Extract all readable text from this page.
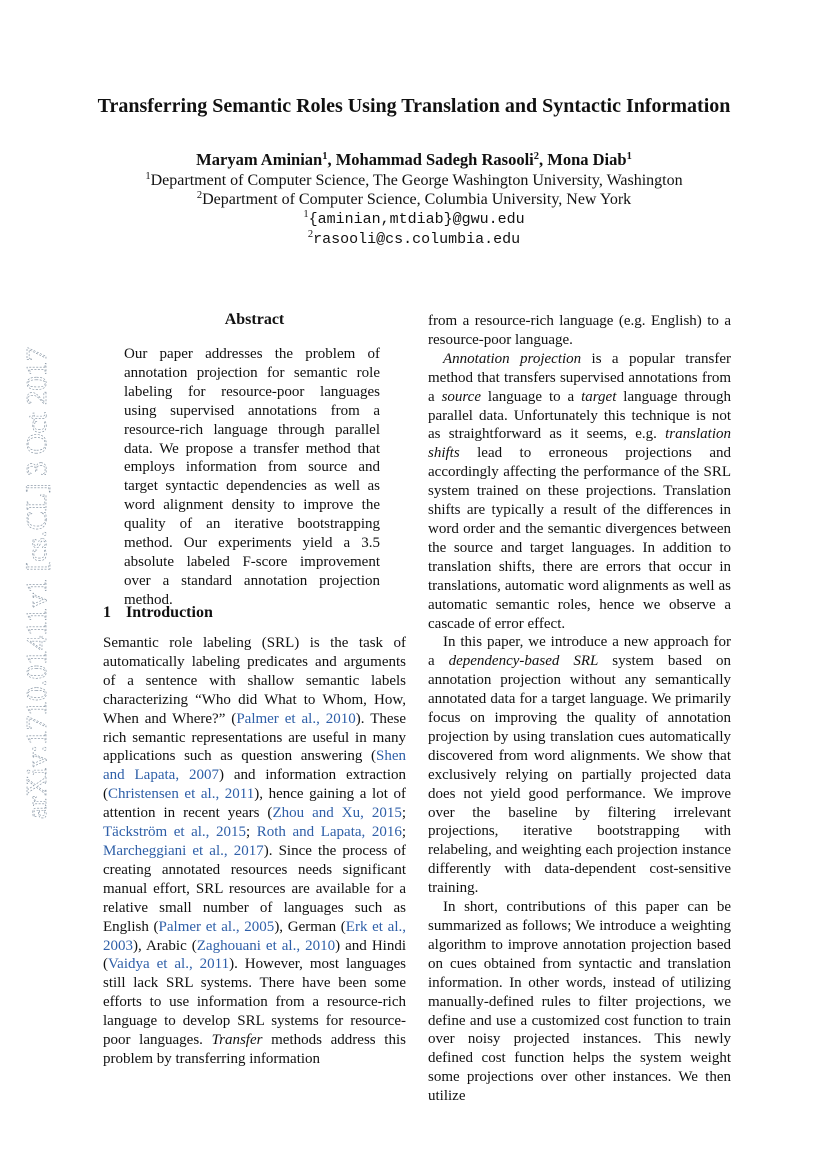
arXiv:1710.01411v1 [cs.CL] 3 Oct 2017
Transferring Semantic Roles Using Translation and Syntactic Information
Maryam Aminian$^1$, Mohammad Sadegh Rasooli$^2$, Mona Diab$^1$
$^1$Department of Computer Science, The George Washington University, Washington
$^2$Department of Computer Science, Columbia University, New York
$^1${aminian,mtdiab}@gwu.edu
$^2$rasooli@cs.columbia.edu
Abstract
Our paper addresses the problem of annotation projection for semantic role labeling for resource-poor languages using supervised annotations from a resource-rich language through parallel data. We propose a transfer method that employs information from source and target syntactic dependencies as well as word alignment density to improve the quality of an iterative bootstrapping method. Our experiments yield a 3.5 absolute labeled F-score improvement over a standard annotation projection method.
1 Introduction

Semantic role labeling (SRL) is the task of automatically labeling predicates and arguments of a sentence with shallow semantic labels characterizing “Who did What to Whom, How, When and Where?” (Palmer et al., 2010). These rich semantic representations are useful in many applications such as question answering (Shen and Lapata, 2007) and information extraction (Christensen et al., 2011), hence gaining a lot of attention in recent years (Zhou and Xu, 2015; Täckström et al., 2015; Roth and Lapata, 2016; Marcheggiani et al., 2017). Since the process of creating annotated resources needs significant manual effort, SRL resources are available for a relative small number of languages such as English (Palmer et al., 2005), German (Erk et al., 2003), Arabic (Zaghouani et al., 2010) and Hindi (Vaidya et al., 2011). However, most languages still lack SRL systems. There have been some efforts to use information from a resource-rich language to develop SRL systems for resource-poor languages. Transfer methods address this problem by transferring information

from a resource-rich language (e.g. English) to a resource-poor language.

Annotation projection is a popular transfer method that transfers supervised annotations from a source language to a target language through parallel data. Unfortunately this technique is not as straightforward as it seems, e.g. translation shifts lead to erroneous projections and accordingly affecting the performance of the SRL system trained on these projections. Translation shifts are typically a result of the differences in word order and the semantic divergences between the source and target languages. In addition to translation shifts, there are errors that occur in translations, automatic word alignments as well as automatic semantic roles, hence we observe a cascade of error effect.

In this paper, we introduce a new approach for a dependency-based SRL system based on annotation projection without any semantically annotated data for a target language. We primarily focus on improving the quality of annotation projection by using translation cues automatically discovered from word alignments. We show that exclusively relying on partially projected data does not yield good performance. We improve over the baseline by filtering irrelevant projections, iterative bootstrapping with relabeling, and weighting each projection instance differently with data-dependent cost-sensitive training.

In short, contributions of this paper can be summarized as follows; We introduce a weighting algorithm to improve annotation projection based on cues obtained from syntactic and translation information. In other words, instead of utilizing manually-defined rules to filter projections, we define and use a customized cost function to train over noisy projected instances. This newly defined cost function helps the system weight some projections over other instances. We then utilize
